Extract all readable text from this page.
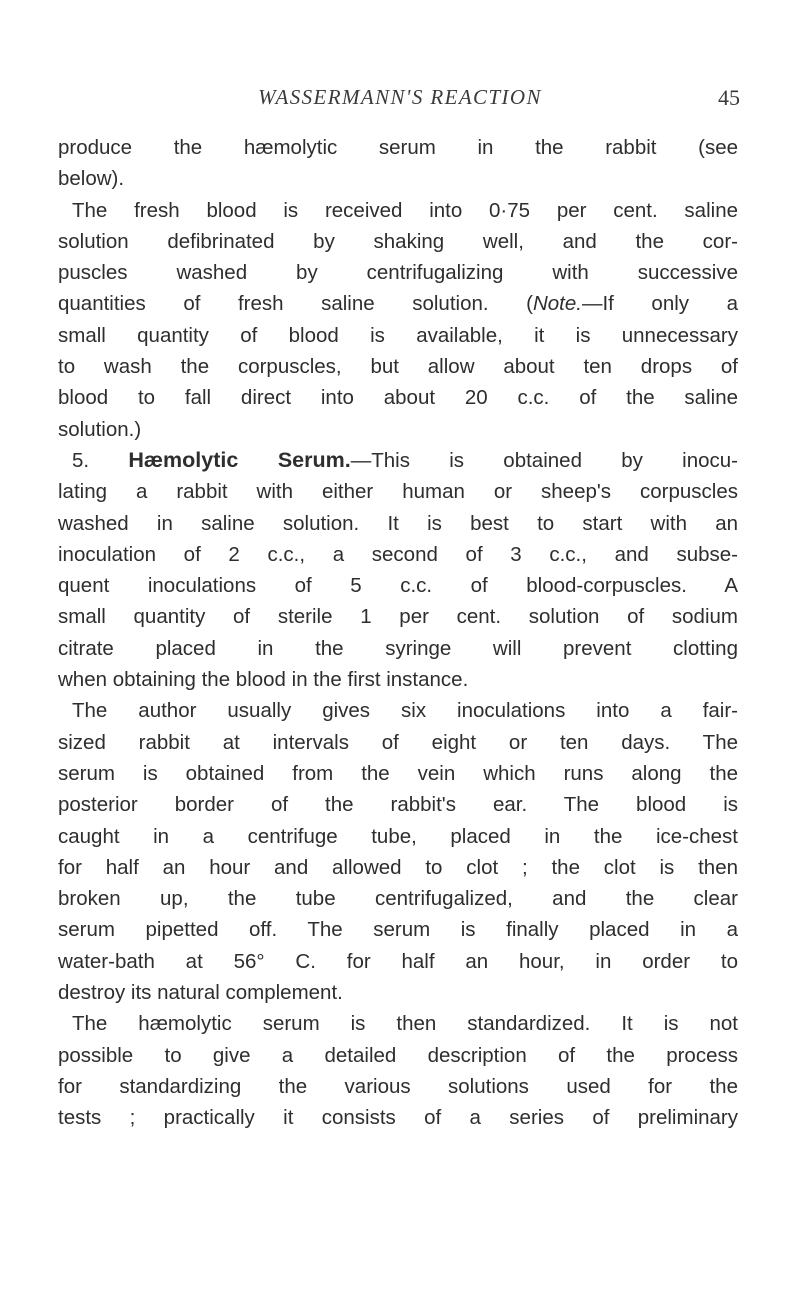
WASSERMANN'S REACTION	45
produce the hæmolytic serum in the rabbit (see
below).
The fresh blood is received into 0·75 per cent. saline
solution defibrinated by shaking well, and the cor-
puscles washed by centrifugalizing with successive
quantities of fresh saline solution. (Note.—If only a
small quantity of blood is available, it is unnecessary
to wash the corpuscles, but allow about ten drops of
blood to fall direct into about 20 c.c. of the saline
solution.)
5. Hæmolytic Serum.—This is obtained by inocu-
lating a rabbit with either human or sheep's corpuscles
washed in saline solution. It is best to start with an
inoculation of 2 c.c., a second of 3 c.c., and subse-
quent inoculations of 5 c.c. of blood-corpuscles. A
small quantity of sterile 1 per cent. solution of sodium
citrate placed in the syringe will prevent clotting
when obtaining the blood in the first instance.
The author usually gives six inoculations into a fair-
sized rabbit at intervals of eight or ten days. The
serum is obtained from the vein which runs along the
posterior border of the rabbit's ear. The blood is
caught in a centrifuge tube, placed in the ice-chest
for half an hour and allowed to clot ; the clot is then
broken up, the tube centrifugalized, and the clear
serum pipetted off. The serum is finally placed in a
water-bath at 56° C. for half an hour, in order to
destroy its natural complement.
The hæmolytic serum is then standardized. It is not
possible to give a detailed description of the process
for standardizing the various solutions used for the
tests ; practically it consists of a series of preliminary
